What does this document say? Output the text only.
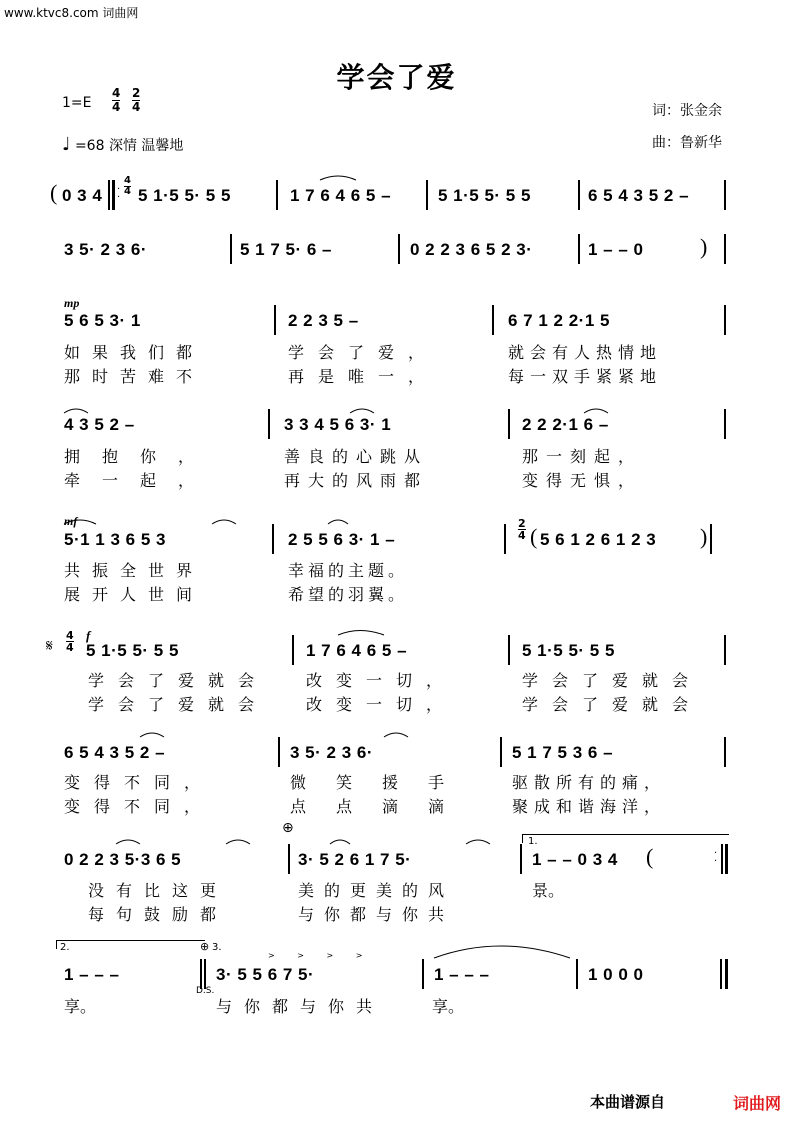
www.ktvc8.com 词曲网
学会了爱
1=E
4
4
2
4
♩ =68 深情 温馨地
词：张金余
曲：鲁新华
( 0 3 4 ·
·
4
4 5 1·5 5· 5 5	1 7 6 4 6 5 –	5 1·5 5· 5 5	6 5 4 3 5 2 –
3 5· 2 3 6·	5 1 7 5· 6 –	0 2 2 3 6 5 2 3·	1 – – 0	)
mp
5 6 5 3· 1	2 2 3 5 –	6 7 1 2 2·1 5
如果我们都	学会了爱，	就会有人热情地
那时苦难不	再是唯一，	每一双手紧紧地
4 3 5 2 –	3 3 4 5 6 3· 1	2 2 2·1 6 –
拥抱你，	善良的心跳从	那一刻起，
牵一起，	再大的风雨都	变得无惧，
mf
5·1 1 3 6 5 3	2 5 5 6 3· 1 –
2
4 ( 5 6 1 2 6 1 2 3 )
共振全世界	幸福的主题。
展开人世间	希望的羽翼。
𝄋
4
4
f
5 1·5 5· 5 5	1 7 6 4 6 5 –	5 1·5 5· 5 5
学会了爱就会 改变一切，	学会了爱就会
学会了爱就会 改变一切，	学会了爱就会
6 5 4 3 5 2 –	3 5· 2 3 6·	5 1 7 5 3 6 –
变得不同，	微笑援手 驱散所有的痛，
变得不同，	点点滴滴 聚成和谐海洋，
⊕
0 2 2 3 5·3 6 5	3· 5 2 6 1 7 5·
1.
1 – – 0 3 4 (	·
·
没有比这更	美的更美的风	景。
每句鼓励都	与你都与你共
2.
1 – – –
⊕ 3.
D.S.
> > > >
3· 5 5 6 7 5·	1 – – –	1 0 0 0
享。	与你都与你共	享。
本曲谱源自	词曲网
